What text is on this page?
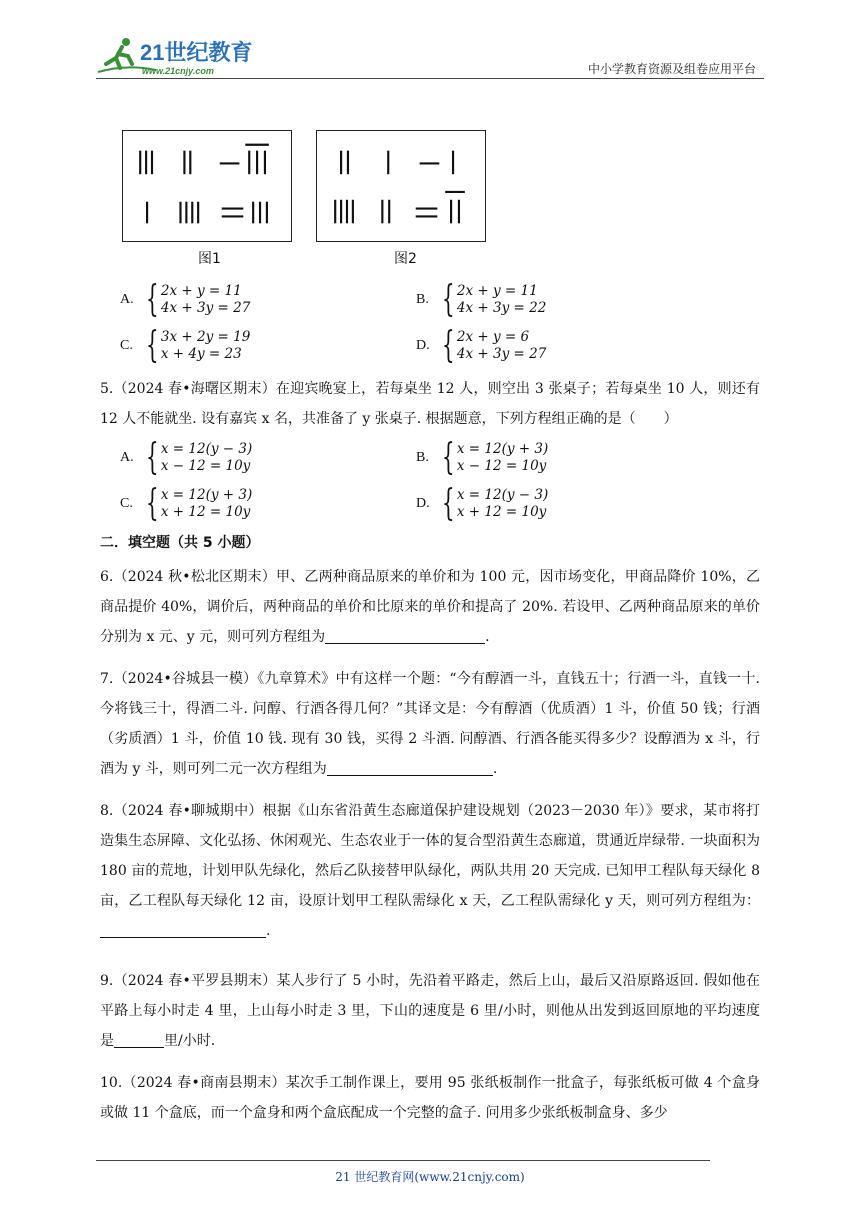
21世纪教育
www.21cnjy.com	中小学教育资源及组卷应用平台
图1	图2
A. { 2x + y = 11
4x + 3y = 27
B. { 2x + y = 11
4x + 3y = 22
C. { 3x + 2y = 19
x + 4y = 23
D. { 2x + y = 6
4x + 3y = 27
5.（2024 春•海曙区期末）在迎宾晚宴上，若每桌坐 12 人，则空出 3 张桌子；若每桌坐 10 人，则还有 12 人不能就坐. 设有嘉宾 x 名，共准备了 y 张桌子. 根据题意，下列方程组正确的是（　　）
A. { x = 12(y − 3)
x − 12 = 10y
B. { x = 12(y + 3)
x − 12 = 10y
C. { x = 12(y + 3)
x + 12 = 10y
D. { x = 12(y − 3)
x + 12 = 10y
二．填空题（共 5 小题）
6.（2024 秋•松北区期末）甲、乙两种商品原来的单价和为 100 元，因市场变化，甲商品降价 10%，乙商品提价 40%，调价后，两种商品的单价和比原来的单价和提高了 20%. 若设甲、乙两种商品原来的单价分别为 x 元、y 元，则可列方程组为	.
7.（2024•谷城县一模）《九章算术》中有这样一个题：“今有醇酒一斗，直钱五十；行酒一斗，直钱一十. 今将钱三十，得酒二斗. 问醇、行酒各得几何？”其译文是：今有醇酒（优质酒）1 斗，价值 50 钱；行酒（劣质酒）1 斗，价值 10 钱. 现有 30 钱，买得 2 斗酒. 问醇酒、行酒各能买得多少？设醇酒为 x 斗，行酒为 y 斗，则可列二元一次方程组为	.
8.（2024 春•聊城期中）根据《山东省沿黄生态廊道保护建设规划（2023－2030 年）》要求，某市将打造集生态屏障、文化弘扬、休闲观光、生态农业于一体的复合型沿黄生态廊道，贯通近岸绿带. 一块面积为 180 亩的荒地，计划甲队先绿化，然后乙队接替甲队绿化，两队共用 20 天完成. 已知甲工程队每天绿化 8 亩，乙工程队每天绿化 12 亩，设原计划甲工程队需绿化 x 天，乙工程队需绿化 y 天，则可列方程组为：.
9.（2024 春•平罗县期末）某人步行了 5 小时，先沿着平路走，然后上山，最后又沿原路返回. 假如他在平路上每小时走 4 里，上山每小时走 3 里，下山的速度是 6 里/小时，则他从出发到返回原地的平均速度是	里/小时.
10.（2024 春•商南县期末）某次手工制作课上，要用 95 张纸板制作一批盒子，每张纸板可做 4 个盒身或做 11 个盒底，而一个盒身和两个盒底配成一个完整的盒子. 问用多少张纸板制盒身、多少
21 世纪教育网(www.21cnjy.com)
